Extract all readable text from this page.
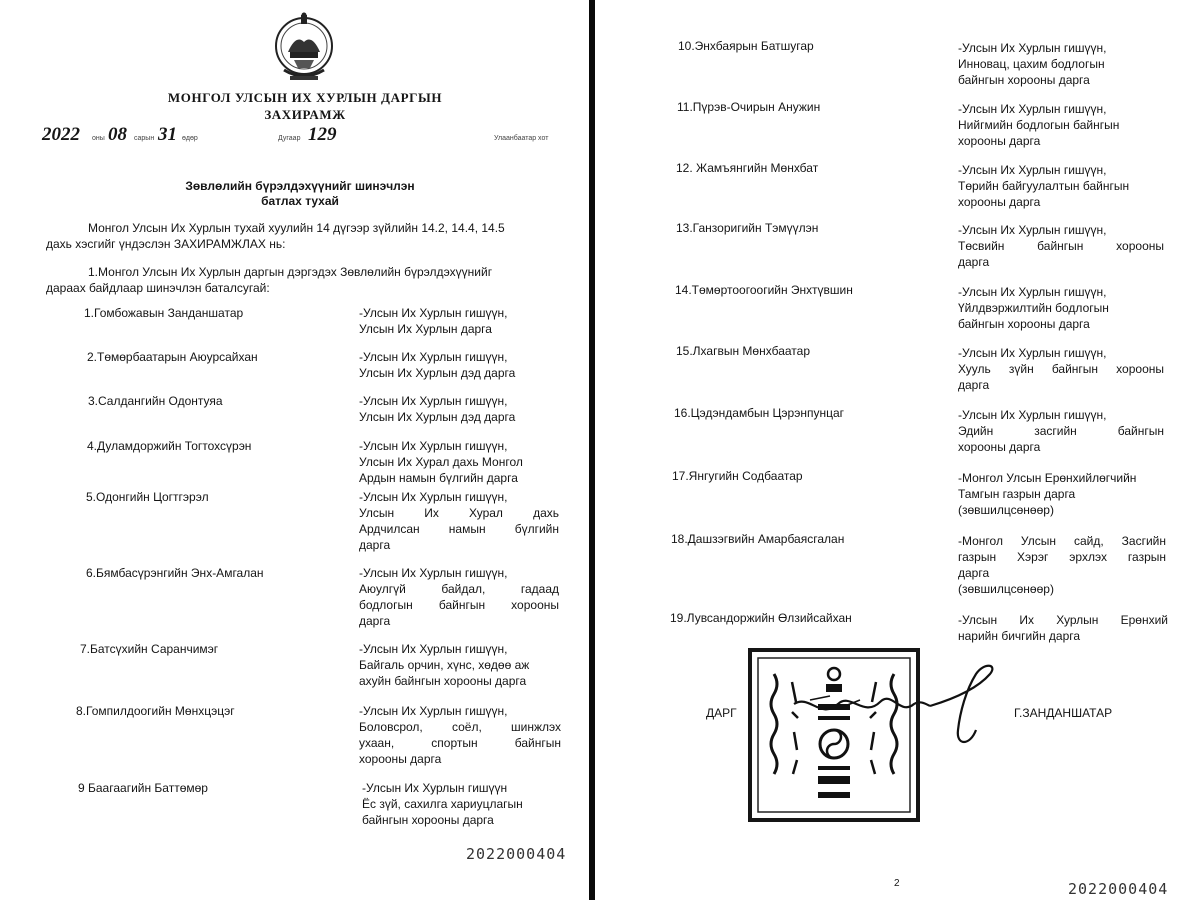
МОНГОЛ УЛСЫН ИХ ХУРЛЫН ДАРГЫН
ЗАХИРАМЖ
2022 оны 08 сарын 31 өдөр	Дугаар 129	Улаанбаатар хот
Зөвлөлийн бүрэлдэхүүнийг шинэчлэн
батлах тухай
Монгол Улсын Их Хурлын тухай хуулийн 14 дүгээр зүйлийн 14.2, 14.4, 14.5
дахь хэсгийг үндэслэн ЗАХИРАМЖЛАХ нь:
1.Монгол Улсын Их Хурлын даргын дэргэдэх Зөвлөлийн бүрэлдэхүүнийг
дараах байдлаар шинэчлэн баталсугай:
1.Гомбожавын Занданшатар	-Улсын Их Хурлын гишүүн,
Улсын Их Хурлын дарга
2.Төмөрбаатарын Аюурсайхан	-Улсын Их Хурлын гишүүн,
Улсын Их Хурлын дэд дарга
3.Салдангийн Одонтуяа	-Улсын Их Хурлын гишүүн,
Улсын Их Хурлын дэд дарга
4.Дуламдоржийн Тогтохсүрэн	-Улсын Их Хурлын гишүүн,
Улсын Их Хурал дахь Монгол
Ардын намын бүлгийн дарга
5.Одонгийн Цогтгэрэл	-Улсын Их Хурлын гишүүн,
Улсын Их Хурал дахь
Ардчилсан намын бүлгийн
дарга
6.Бямбасүрэнгийн Энх-Амгалан	-Улсын Их Хурлын гишүүн,
Аюулгүй байдал, гадаад
бодлогын байнгын хорооны
дарга
7.Батсүхийн Саранчимэг	-Улсын Их Хурлын гишүүн,
Байгаль орчин, хүнс, хөдөө аж
ахуйн байнгын хорооны дарга
8.Гомпилдоогийн Мөнхцэцэг	-Улсын Их Хурлын гишүүн,
Боловсрол, соёл, шинжлэх
ухаан, спортын байнгын
хорооны дарга
9 Баагаагийн Баттөмөр	-Улсын Их Хурлын гишүүн
Ёс зүй, сахилга хариуцлагын
байнгын хорооны дарга
2022000404
10.Энхбаярын Батшугар	-Улсын Их Хурлын гишүүн,
Инновац, цахим бодлогын
байнгын хорооны дарга
11.Пүрэв-Очирын Анужин	-Улсын Их Хурлын гишүүн,
Нийгмийн бодлогын байнгын
хорооны дарга
12. Жамъянгийн Мөнхбат	-Улсын Их Хурлын гишүүн,
Төрийн байгуулалтын байнгын
хорооны дарга
13.Ганзоригийн Тэмүүлэн	-Улсын Их Хурлын гишүүн,
Төсвийн байнгын хорооны
дарга
14.Төмөртоогоогийн Энхтүвшин	-Улсын Их Хурлын гишүүн,
Үйлдвэржилтийн бодлогын
байнгын хорооны дарга
15.Лхагвын Мөнхбаатар	-Улсын Их Хурлын гишүүн,
Хууль зүйн байнгын хорооны
дарга
16.Цэдэндамбын Цэрэнпунцаг	-Улсын Их Хурлын гишүүн,
Эдийн засгийн байнгын
хорооны дарга
17.Янгугийн Содбаатар	-Монгол Улсын Ерөнхийлөгчийн
Тамгын газрын дарга
(зөвшилцсөнөөр)
18.Дашзэгвийн Амарбаясгалан	-Монгол Улсын сайд, Засгийн
газрын Хэрэг эрхлэх газрын
дарга
(зөвшилцсөнөөр)
19.Лувсандоржийн Өлзийсайхан	-Улсын Их Хурлын Ерөнхий
нарийн бичгийн дарга
ДАРГ	Г.ЗАНДАНШАТАР
2	2022000404
